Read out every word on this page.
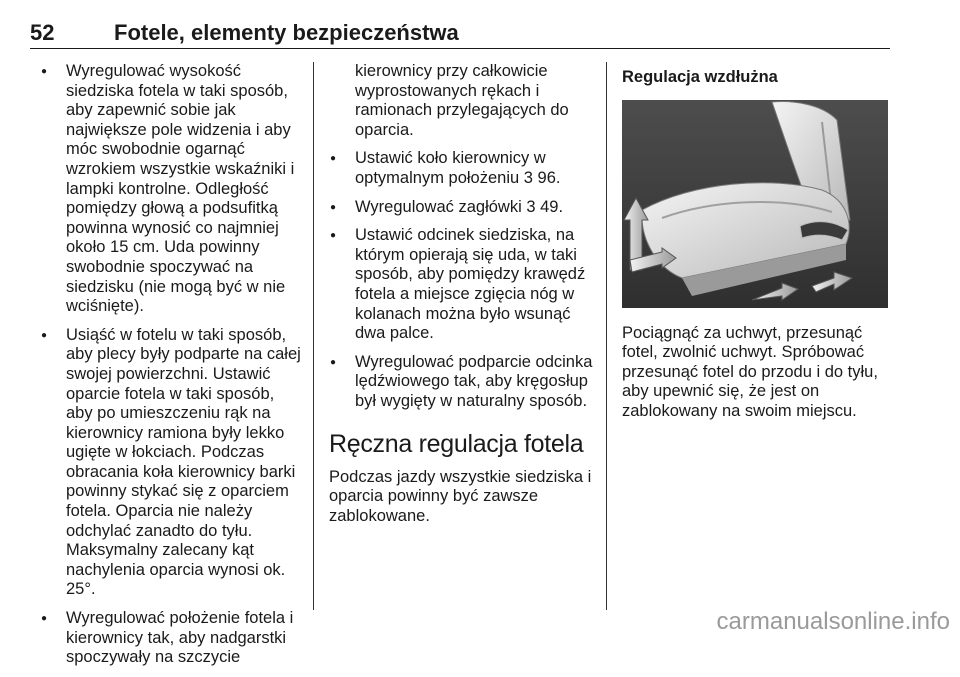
52	Fotele, elementy bezpieczeństwa
● Wyregulować wysokość siedziska fotela w taki sposób, aby zapewnić sobie jak największe pole widzenia i aby móc swobodnie ogarnąć wzrokiem wszystkie wskaźniki i lampki kontrolne. Odległość pomiędzy głową a podsufitką powinna wynosić co najmniej około 15 cm. Uda powinny swobodnie spoczywać na siedzisku (nie mogą być w nie wciśnięte).
● Usiąść w fotelu w taki sposób, aby plecy były podparte na całej swojej powierzchni. Ustawić oparcie fotela w taki sposób, aby po umieszczeniu rąk na kierownicy ramiona były lekko ugięte w łokciach. Podczas obracania koła kierownicy barki powinny stykać się z oparciem fotela. Oparcia nie należy odchylać zanadto do tyłu. Maksymalny zalecany kąt nachylenia oparcia wynosi ok. 25°.
● Wyregulować położenie fotela i kierownicy tak, aby nadgarstki spoczywały na szczycie
kierownicy przy całkowicie wyprostowanych rękach i ramionach przylegających do oparcia.
● Ustawić koło kierownicy w optymalnym położeniu 3 96.
● Wyregulować zagłówki 3 49.
● Ustawić odcinek siedziska, na którym opierają się uda, w taki sposób, aby pomiędzy krawędź fotela a miejsce zgięcia nóg w kolanach można było wsunąć dwa palce.
● Wyregulować podparcie odcinka lędźwiowego tak, aby kręgosłup był wygięty w naturalny sposób.
Ręczna regulacja fotela
Podczas jazdy wszystkie siedziska i oparcia powinny być zawsze zablokowane.
Regulacja wzdłużna
Pociągnąć za uchwyt, przesunąć fotel, zwolnić uchwyt. Spróbować przesunąć fotel do przodu i do tyłu, aby upewnić się, że jest on zablokowany na swoim miejscu.
carmanualsonline.info
